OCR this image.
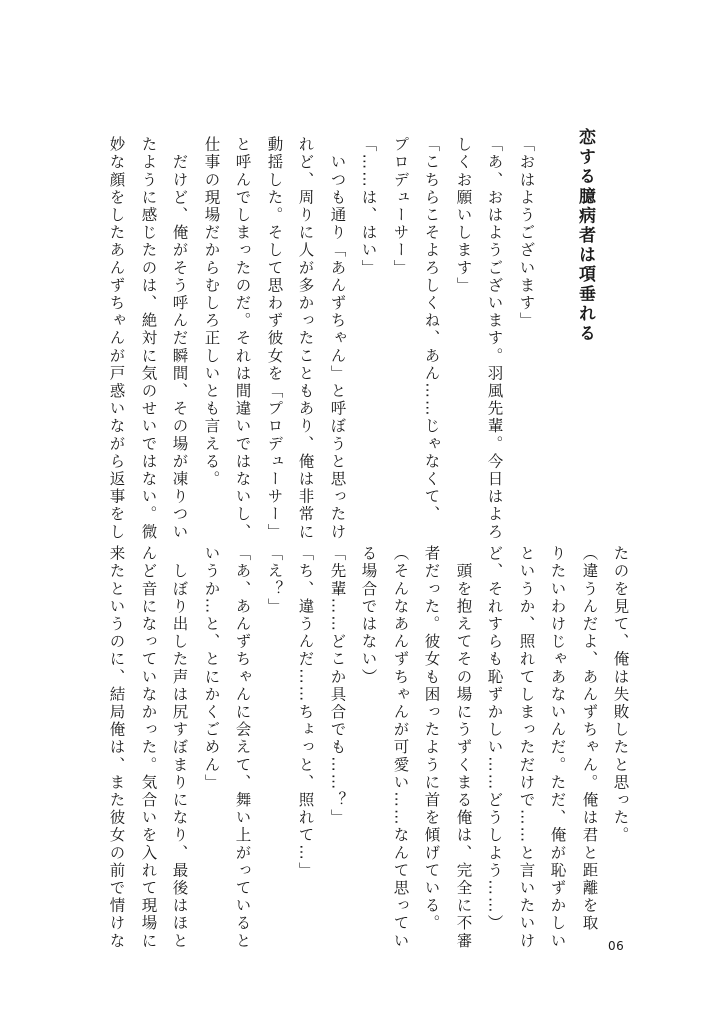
恋する臆病者は項垂れる

「おはようございます」

「あ、おはようございます。羽風先輩。今日はよろ

しくお願いします」

「こちらこそよろしくね、あん……じゃなくて、

プロデューサー」

「……は、はい」

　いつも通り「あんずちゃん」と呼ぼうと思ったけ

れど、周りに人が多かったこともあり、俺は非常に

動揺した。そして思わず彼女を「プロデューサー」

と呼んでしまったのだ。それは間違いではないし、

仕事の現場だからむしろ正しいとも言える。

　だけど、俺がそう呼んだ瞬間、その場が凍りつい

たように感じたのは、絶対に気のせいではない。微

妙な顔をしたあんずちゃんが戸惑いながら返事をし

たのを見て、俺は失敗したと思った。

（違うんだよ、あんずちゃん。俺は君と距離を取

りたいわけじゃあないんだ。ただ、俺が恥ずかしい

というか、照れてしまっただけで……と言いたいけ

ど、それすらも恥ずかしい……どうしよう……）

　頭を抱えてその場にうずくまる俺は、完全に不審

者だった。彼女も困ったように首を傾げている。

（そんなあんずちゃんが可愛い……なんて思ってい

る場合ではない）

「先輩……どこか具合でも……？」

「ち、違うんだ……ちょっと、照れて…」

「え？」

「あ、あんずちゃんに会えて、舞い上がっていると

いうか…と、とにかくごめん」

　しぼり出した声は尻すぼまりになり、最後はほと

んど音になっていなかった。気合いを入れて現場に

来たというのに、結局俺は、また彼女の前で情けな	06
